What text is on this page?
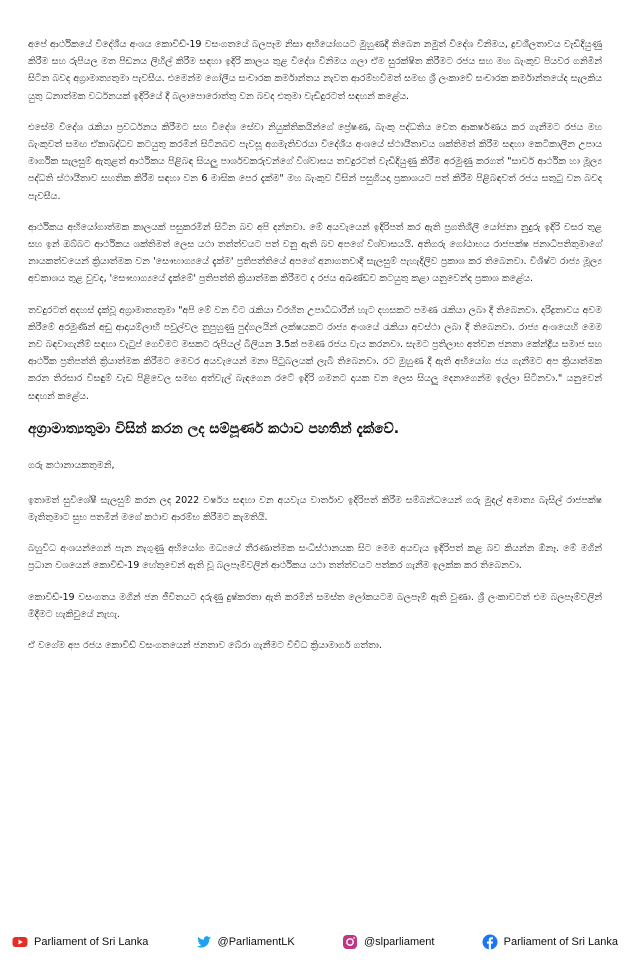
අපේ ආර්ථිකයේ විදේශීය අංශය කොවිඩ්-19 වසංගතයේ බලපෑම නිසා අභියෝගයට මුහුණදී තිබෙන නමුත් විදේශ විනිමය, ද්‍රවශීලතාවය වැඩිදියුණු කිරීම සහ රුපියල මත පිඩනය ලිහිල් කිරීම සඳහා ඉදිරි කාලය තුළ විදේශ විනිමය ගලා ඒම සුරක්ෂිත කිරීමට රජය සහ මහ බැංකුව පියවර ගනිමින් සිටින බවද අග්‍රාමාත්‍යතුමා පැවසීය. එමෙන්ම ගෝලීය සංචාරක කර්මාන්තය නැවත ආරම්භවීමත් සමඟ ශ්‍රී ලංකාවේ සංචාරක කර්මාන්තයේද සැලකිය යුතු ධනාත්මක වර්ධනයක් ඉදිරියේ දී බලාපොරොත්තු වන බවද එතුමා වැඩිදුරටත් සඳහන් කළේය.

එසේම විදේශ රැකියා ප්‍රවර්ධනය කිරීමට සහ විදේශ සේවා නියුක්තිකයින්ගේ ප්‍රේෂණ, බැංකු පද්ධතිය වෙත ආකර්ෂණය කර ගැනීමට රජය මහ බැංකුවත් සමඟ ඒකාබද්ධව කටයුතු කරමින් සිටිනබව පැවසූ අගමැතිවරයා විදේශීය අංශයේ ස්ථායීතාවය ශක්තිමත් කිරීම සඳහා කෙටිකාලීන උපාය මාර්ගික සැලසුම් ඇතුළත් ආර්ථිකය පිළිබඳ සියලු පාර්ශවකරුවන්ගේ විශ්වාසය තවදුරටත් වැඩිදියුණු කිරීම අරමුණු කරගත් "සාර්ව ආර්ථික හා මූල්‍ය පද්ධති ස්ථායීතාව සහතික කිරීම සඳහා වන 6 මාසික පෙර දැක්ම" මහ බැංකුව විසින් පසුගියදා ප්‍රකාශයට පත් කිරීම පිළිබඳවත් රජය සතුටු වන බවද පැවසීය.

ආර්ථිකය අභියෝගාත්මක කාලයක් පසුකරමින් සිටින බව අපි දන්නවා. මේ අයවැයෙන් ඉදිරිපත් කර ඇති ප්‍රගතිශීලී යෝජනා නුදුරු ඉදිරි වසර තුළ සහ ඉන් ඔබ්බට ආර්ථිකය ශක්තිමත් ලෙස යථා තත්ත්වයට පත් වනු ඇති බව අපගේ විශ්වාසයයි. අතිගරු ගෝඨාභය රාජපක්ෂ ජනාධිපතිතුමාගේ නායකත්වයෙන් ක්‍රියාත්මක වන 'සෞභාග්‍යයේ දැක්ම' ප්‍රතිපත්තියේ අපගේ අනාගතවාදී සැලසුම් පැහැදිලිව ප්‍රකාශ කර තිබෙනවා. විශිෂ්ට රාජ්‍ය මූල්‍ය අවකාශය තුළ වුවද, 'සෞභාග්‍යයේ දැක්මේ' ප්‍රතිපත්ති ක්‍රියාත්මක කිරීමට ද රජය අඛණ්ඩව කටයුතු කළා යනුවෙන්ද ප්‍රකාශ කළේය.

තවදුරටත් අදහස් දැක්වූ අග්‍රාමාත්‍යතුමා "අපි මේ වන විට රැකියා විරහිත උපාධිධාරීන් හැට දහසකට පමණ රැකියා ලබා දී තිබෙනවා. දරිද්‍රතාවය අවම කිරීමේ අරමුණින් අඩු ආදායම්ලාභී පවුල්වල නුපුහුණු පුද්ගලයින් ලක්ෂයකට රාජ්‍ය අංශයේ රැකියා අවස්ථා ලබා දී තිබෙනවා. රාජ්‍ය අංශයෙහි මෙම නව බඳවාගැනීම් සඳහා වැටුප් ගෙවීමට මසකට රුපියල් බිලියන 3.5ක් පමණ රජය වැය කරනවා. සැමට ප්‍රතිලාභ අත්වන ජනතා කේන්ද්‍රීය සමාජ සහ ආර්ථික ප්‍රතිපත්ති ක්‍රියාත්මක කිරීමට මෙවර අයවැයෙන් මනා පිටුබලයක් ලැබී තිබෙනවා. රට මුහුණ දී ඇති අභියෝග ජය ගැනීමට අප ක්‍රියාත්මක කරන තිරසාර විසඳුම් වැඩ පිළිවෙල සමඟ අත්වැල් බැඳගෙන රටේ ඉදිරි ගමනට දායක වන ලෙස සියලු දෙනාගෙන්ම ඉල්ලා සිටිනවා." යනුවෙන් සඳහන් කළේය.

අග්‍රාමාත්‍යතුමා විසින් කරන ලද සම්පූර්ණ කථාව පහතින් දැක්වේ.
ගරු කථානායකතුමනි,

ඉතාමත් සුවිශේෂී සැලසුම් කරන ලද 2022 වර්ෂය සඳහා වන අයවැය වාර්තාව ඉදිරිපත් කිරීම සම්බන්ධයෙන් ගරු මුදල් අමාත්‍ය බැසිල් රාජපක්ෂ මැතිතුමාට සුභ පතමින් මගේ කථාව ආරම්භ කිරීමට කැමතියි.

බහුවිධ අංශයන්ගෙන් පැන නැගුණු අභියෝග මධ්‍යයේ තීරණාත්මක සංධිස්ථානයක සිට මෙම අයවැය ඉදිරිපත් කළ බව කියන්න ඕනෑ. මේ මගින් ප්‍රධාන වශයෙන් කොවිඩ්-19 හේතුවෙන් ඇති වූ බලපෑම්වලින් ආර්ථිකය යථා තත්ත්වයට පත්කර ගැනීම ඉලක්ක කර තිබෙනවා.

කොවිඩ්-19 වසංගතය මගින් ජන ජීවිතයට දරුණු දුෂ්කරතා ඇති කරමින් සමස්ත ලෝකයටම බලපෑම් ඇති වුණා. ශ්‍රී ලංකාවටත් එම බලපෑම්වලින් මිදීමට හැකිවුයේ නැහැ.

ඒ වගේම අප රජය කොවිඩ් වසංගතයෙන් ජනතාව බේරා ගැනීමට විවිධ ක්‍රියාමාර්ග ගත්තා.

Parliament of Sri Lanka	@ParliamentLK	@slparliament	Parliament of Sri Lanka
